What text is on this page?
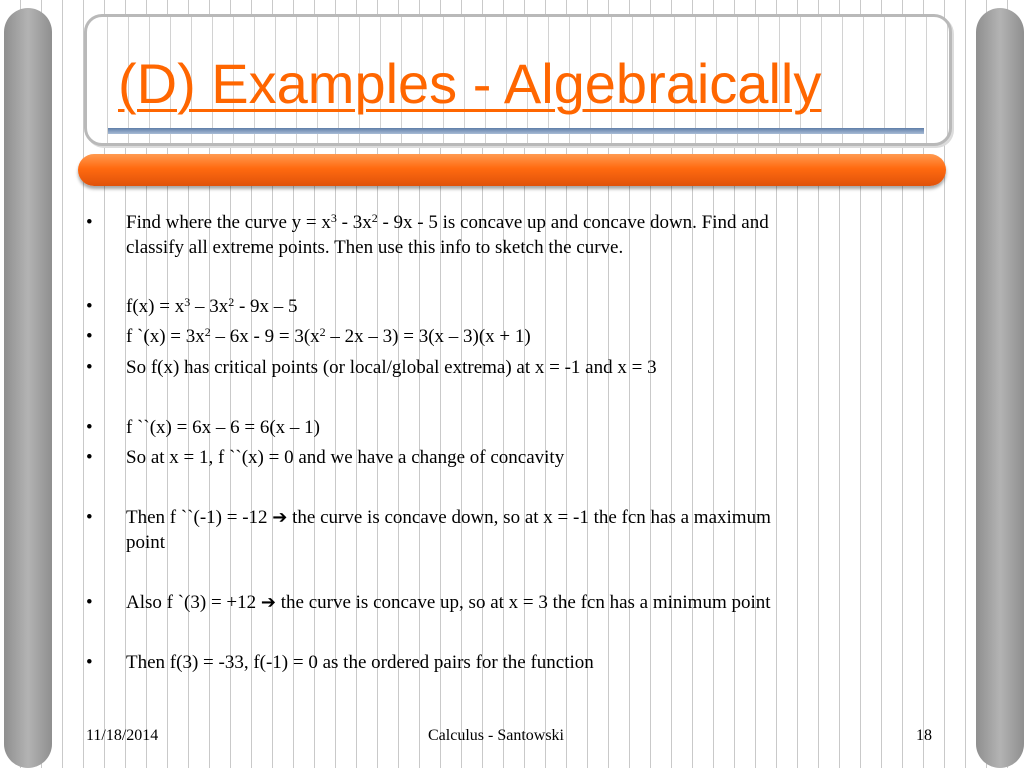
(D) Examples - Algebraically
• Find where the curve $y = x^3 - 3x^2 - 9x - 5$ is concave up and concave down. Find and
classify all extreme points. Then use this info to sketch the curve.
• $f(x) = x^3 - 3x^2 - 9x - 5$
• f `(x) = $3x^2 - 6x - 9 = 3(x^2 - 2x - 3) = 3(x - 3)(x + 1)$
• So f(x) has critical points (or local/global extrema) at x = -1 and x = 3
• f ``(x) = 6x – 6 = 6(x – 1)
• So at x = 1, f ``(x) = 0 and we have a change of concavity
• Then f ``(-1) = -12 ➔ the curve is concave down, so at x = -1 the fcn has a maximum
point
• Also f `(3) = +12 ➔ the curve is concave up, so at x = 3 the fcn has a minimum point
• Then f(3) = -33, f(-1) = 0 as the ordered pairs for the function
11/18/2014	Calculus - Santowski	18
